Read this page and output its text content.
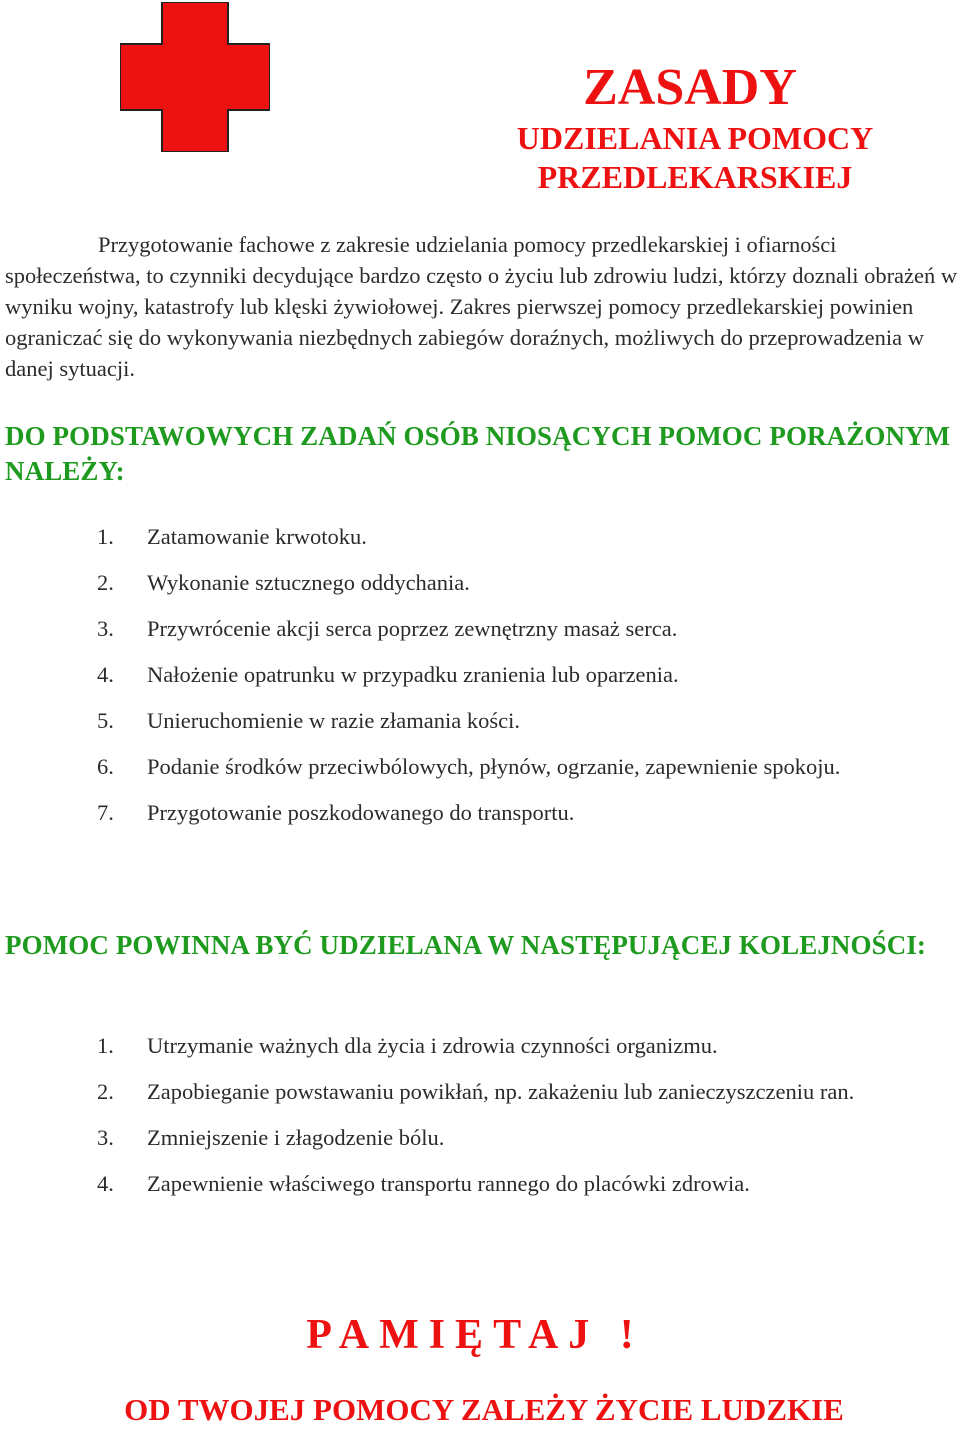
ZASADY
UDZIELANIA POMOCY
PRZEDLEKARSKIEJ

Przygotowanie fachowe z zakresie udzielania pomocy przedlekarskiej i ofiarności społeczeństwa, to czynniki decydujące bardzo często o życiu lub zdrowiu ludzi, którzy doznali obrażeń w wyniku wojny, katastrofy lub klęski żywiołowej. Zakres pierwszej pomocy przedlekarskiej powinien ograniczać się do wykonywania niezbędnych zabiegów doraźnych, możliwych do przeprowadzenia w danej sytuacji.

DO PODSTAWOWYCH ZADAŃ OSÓB NIOSĄCYCH POMOC PORAŻONYM NALEŻY:
1. Zatamowanie krwotoku.
2. Wykonanie sztucznego oddychania.
3. Przywrócenie akcji serca poprzez zewnętrzny masaż serca.
4. Nałożenie opatrunku w przypadku zranienia lub oparzenia.
5. Unieruchomienie w razie złamania kości.
6. Podanie środków przeciwbólowych, płynów, ogrzanie, zapewnienie spokoju.
7. Przygotowanie poszkodowanego do transportu.
POMOC POWINNA BYĆ UDZIELANA W NASTĘPUJĄCEJ KOLEJNOŚCI:
1. Utrzymanie ważnych dla życia i zdrowia czynności organizmu.
2. Zapobieganie powstawaniu powikłań, np. zakażeniu lub zanieczyszczeniu ran.
3. Zmniejszenie i złagodzenie bólu.
4. Zapewnienie właściwego transportu rannego do placówki zdrowia.

PAMIĘTAJ !

OD TWOJEJ POMOCY ZALEŻY ŻYCIE LUDZKIE
